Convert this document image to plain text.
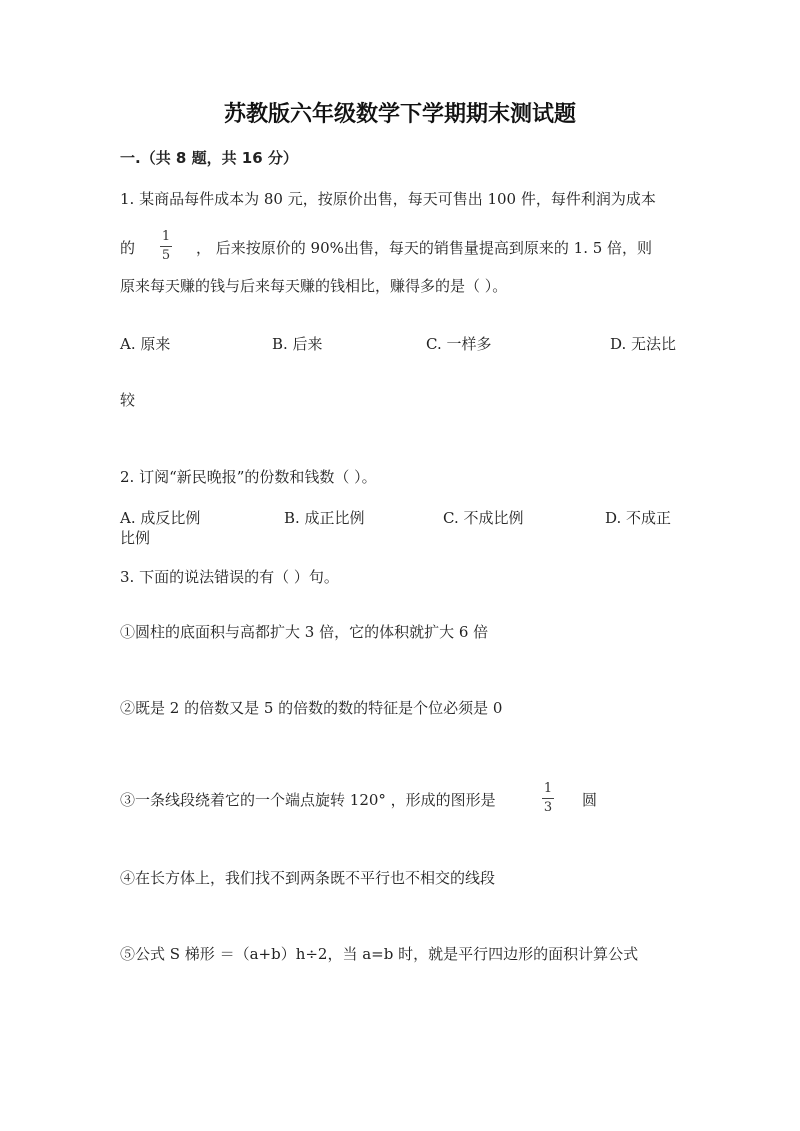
苏教版六年级数学下学期期末测试题
一.（共 8 题，共 16 分）
1. 某商品每件成本为 80 元，按原价出售，每天可售出 100 件，每件利润为成本
的
1
5 ， 后来按原价的 90%出售，每天的销售量提高到原来的 1. 5 倍，则
原来每天赚的钱与后来每天赚的钱相比，赚得多的是（ ）。
A. 原来	B. 后来	C. 一样多	D. 无法比
较
2. 订阅“新民晚报”的份数和钱数（ ）。
A. 成反比例	B. 成正比例	C. 不成比例	D. 不成正
比例
3. 下面的说法错误的有（ ）句。
①圆柱的底面积与高都扩大 3 倍，它的体积就扩大 6 倍
②既是 2 的倍数又是 5 的倍数的数的特征是个位必须是 0
③一条线段绕着它的一个端点旋转 120° ，形成的图形是
1
3 圆
④在长方体上，我们找不到两条既不平行也不相交的线段
⑤公式 S 梯形 ＝（a+b）h÷2，当 a=b 时，就是平行四边形的面积计算公式
